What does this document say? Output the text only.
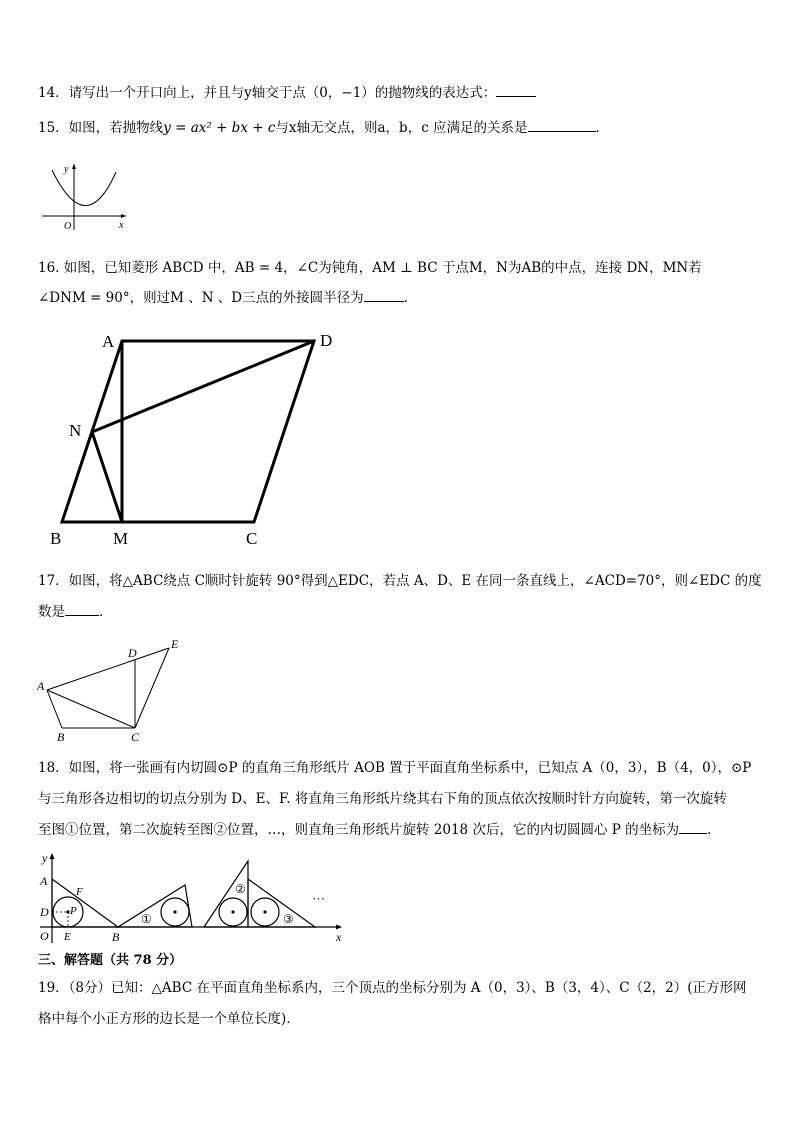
14．请写出一个开口向上，并且与y轴交于点（0，−1）的抛物线的表达式：
15．如图，若抛物线y = ax² + bx + c与x轴无交点，则a，b，c 应满足的关系是	．
y
O	x
16. 如图，已知菱形 ABCD 中，AB = 4，∠C为钝角，AM ⊥ BC 于点M，N为AB的中点，连接 DN，MN若
∠DNM = 90°，则过M 、N 、D三点的外接圆半径为	.
A	D
N
B	M	C
17．如图，将△ABC绕点 C顺时针旋转 90°得到△EDC，若点 A、D、E 在同一条直线上，∠ACD=70°，则∠EDC 的度
数是	．
A
B	C
D
E
18．如图，将一张画有内切圆⊙P 的直角三角形纸片 AOB 置于平面直角坐标系中，已知点 A（0，3），B（4，0），⊙P
与三角形各边相切的切点分别为 D、E、F. 将直角三角形纸片绕其右下角的顶点依次按顺时针方向旋转，第一次旋转
至图①位置，第二次旋转至图②位置，…，则直角三角形纸片旋转 2018 次后，它的内切圆圆心 P 的坐标为 .
y
A
F
D P
O E	B	x
①
②
③
···
三、解答题（共 78 分）
19．（8分）已知：△ABC 在平面直角坐标系内，三个顶点的坐标分别为 A（0，3）、B（3，4）、C（2，2）(正方形网
格中每个小正方形的边长是一个单位长度).
